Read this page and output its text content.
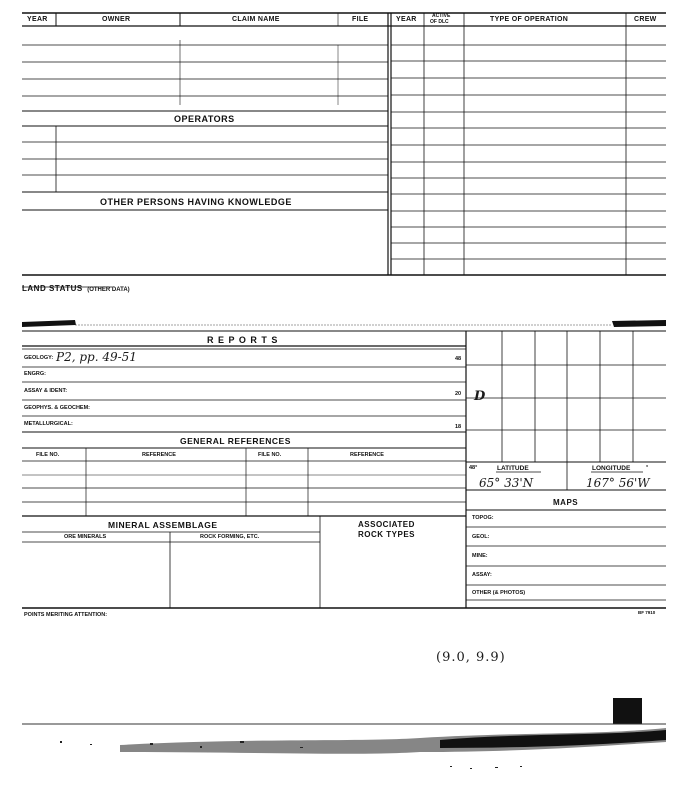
YEAR	OWNER	CLAIM NAME	FILE	YEAR	ACTIVE
OF DLC	TYPE OF OPERATION	CREW
OPERATORS
OTHER PERSONS HAVING KNOWLEDGE
LAND STATUS (OTHER DATA)
R E P O R T S
GEOLOGY: P2, pp. 49-51	48
ENGRG:
ASSAY & IDENT:	20
GEOPHYS. & GEOCHEM:
METALLURGICAL:	18
GENERAL REFERENCES
FILE NO.	REFERENCE	FILE NO.	REFERENCE
D
48°	LATITUDE	LONGITUDE	°
65° 33'N	167° 56'W
MAPS
TOPOG:
GEOL:
MINE:
ASSAY:
OTHER (& PHOTOS)
MINERAL ASSEMBLAGE
ORE MINERALS	ROCK FORMING, ETC.
ASSOCIATED
ROCK TYPES
POINTS MERITING ATTENTION:	BF 7910
(9.0, 9.9)
